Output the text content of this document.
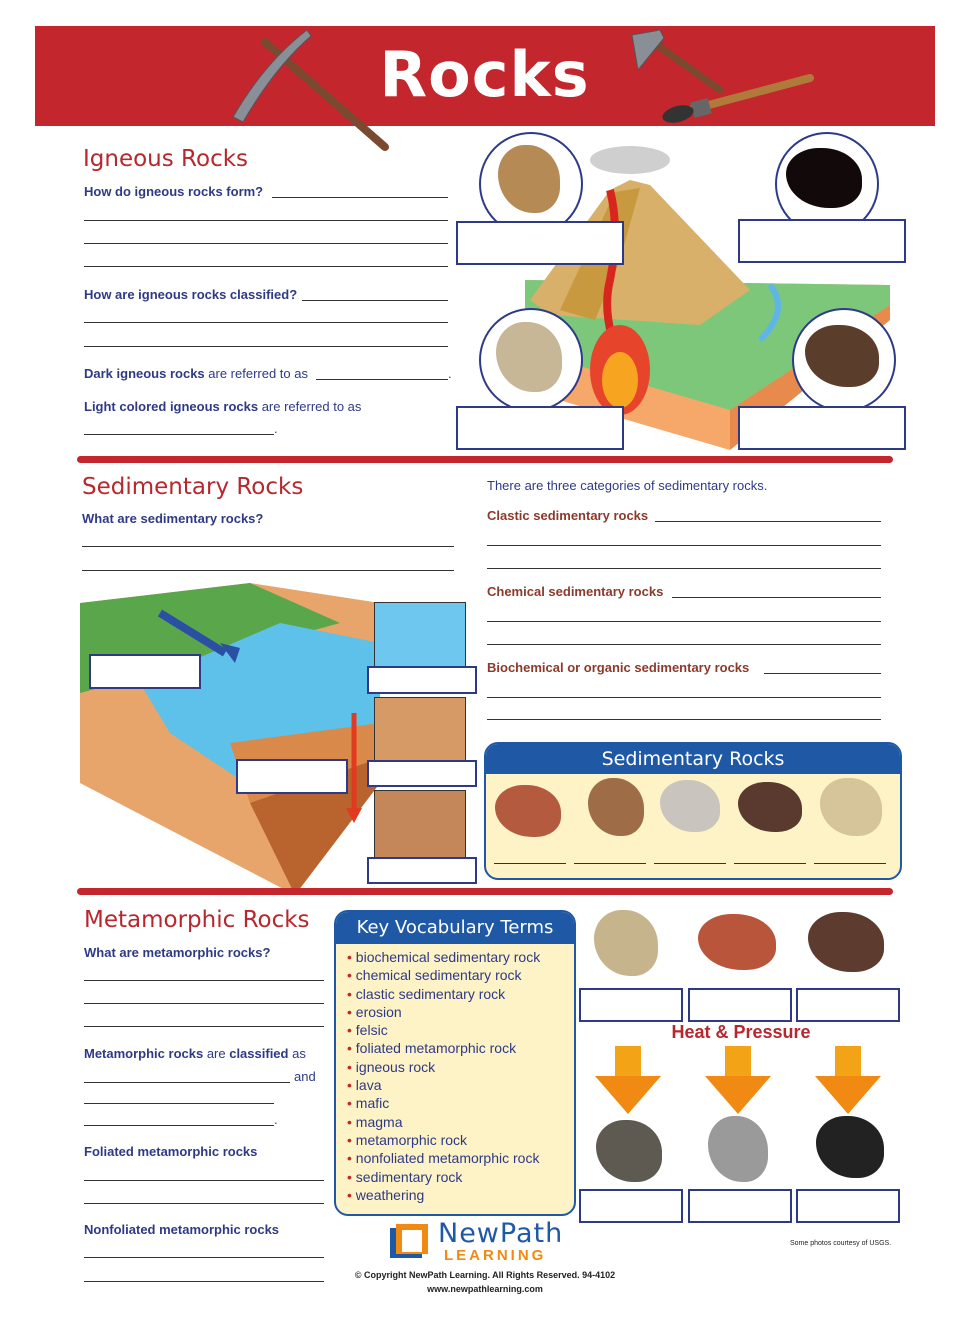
Rocks
Igneous Rocks
How do igneous rocks form?
How are igneous rocks classified?
Dark igneous rocks are referred to as	.
Light colored igneous rocks are referred to as
.
Sedimentary Rocks
What are sedimentary rocks?
There are three categories of sedimentary rocks.
Clastic sedimentary rocks
Chemical sedimentary rocks
Biochemical or organic sedimentary rocks
Sedimentary Rocks
Metamorphic Rocks
What are metamorphic rocks?
Metamorphic rocks are classified as
and
.
Foliated metamorphic rocks
Nonfoliated metamorphic rocks
Key Vocabulary Terms
• biochemical sedimentary rock
• chemical sedimentary rock
• clastic sedimentary rock
• erosion
• felsic
• foliated metamorphic rock
• igneous rock
• lava
• mafic
• magma
• metamorphic rock
• nonfoliated metamorphic rock
• sedimentary rock
• weathering
Heat & Pressure
NewPath
LEARNING
© Copyright NewPath Learning. All Rights Reserved. 94-4102
www.newpathlearning.com
Some photos courtesy of USGS.
